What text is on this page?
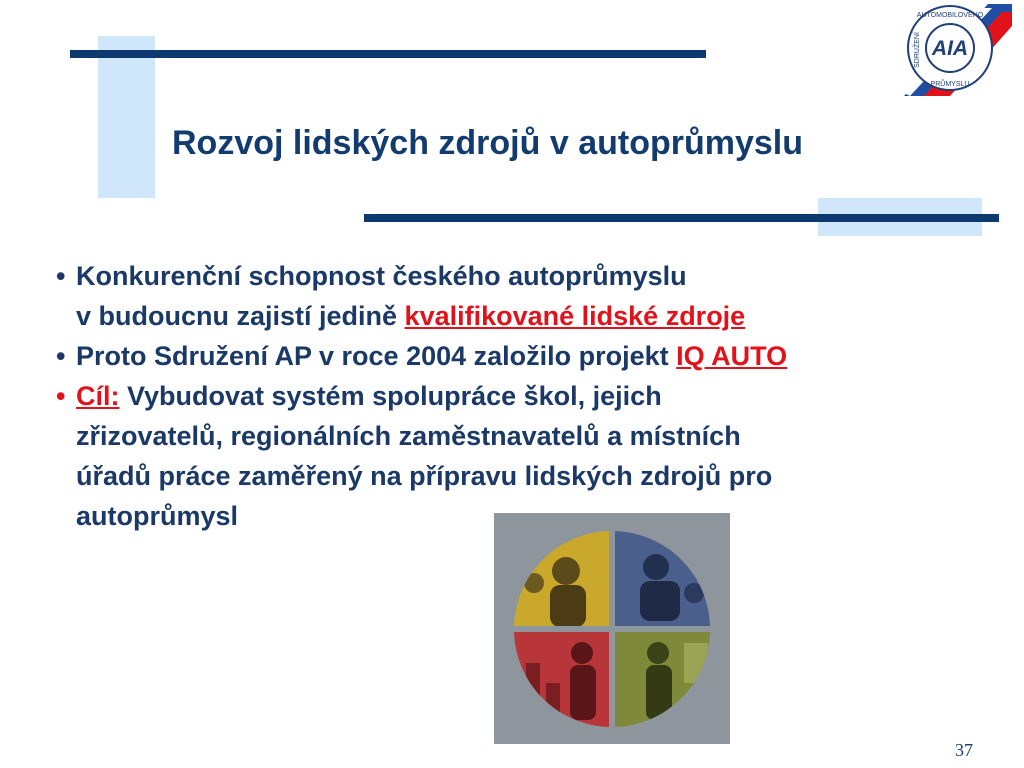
Rozvoj lidských zdrojů v autoprůmyslu
AIA
AUTOMOBILOVÉHO
SDRUŽENÍ
PRŮMYSLU
• Konkurenční schopnost českého autoprůmyslu
v budoucnu zajistí jedině kvalifikované lidské zdroje
• Proto Sdružení AP v roce 2004 založilo projekt IQ AUTO
• Cíl: Vybudovat systém spolupráce škol, jejich
zřizovatelů, regionálních zaměstnavatelů a místních
úřadů práce zaměřený na přípravu lidských zdrojů pro
autoprůmysl
37
